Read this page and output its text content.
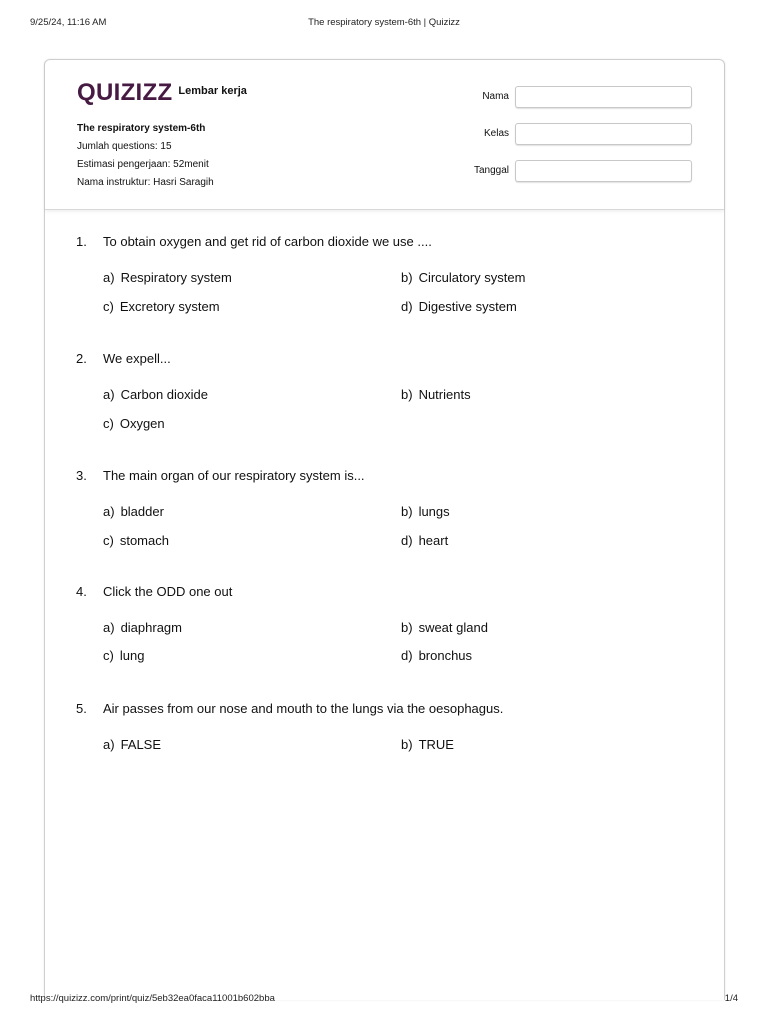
9/25/24, 11:16 AM	The respiratory system-6th | Quizizz
QUIZIZZ Lembar kerja
The respiratory system-6th
Jumlah questions: 15
Estimasi pengerjaan: 52menit
Nama instruktur: Hasri Saragih
Nama
Kelas
Tanggal
1.	To obtain oxygen and get rid of carbon dioxide we use ....
a) Respiratory system	b) Circulatory system
c) Excretory system	d) Digestive system
2.	We expell...
a) Carbon dioxide	b) Nutrients
c) Oxygen
3.	The main organ of our respiratory system is...
a) bladder	b) lungs
c) stomach	d) heart
4.	Click the ODD one out
a) diaphragm	b) sweat gland
c) lung	d) bronchus
5.	Air passes from our nose and mouth to the lungs via the oesophagus.
a) FALSE	b) TRUE
https://quizizz.com/print/quiz/5eb32ea0faca11001b602bba	1/4
